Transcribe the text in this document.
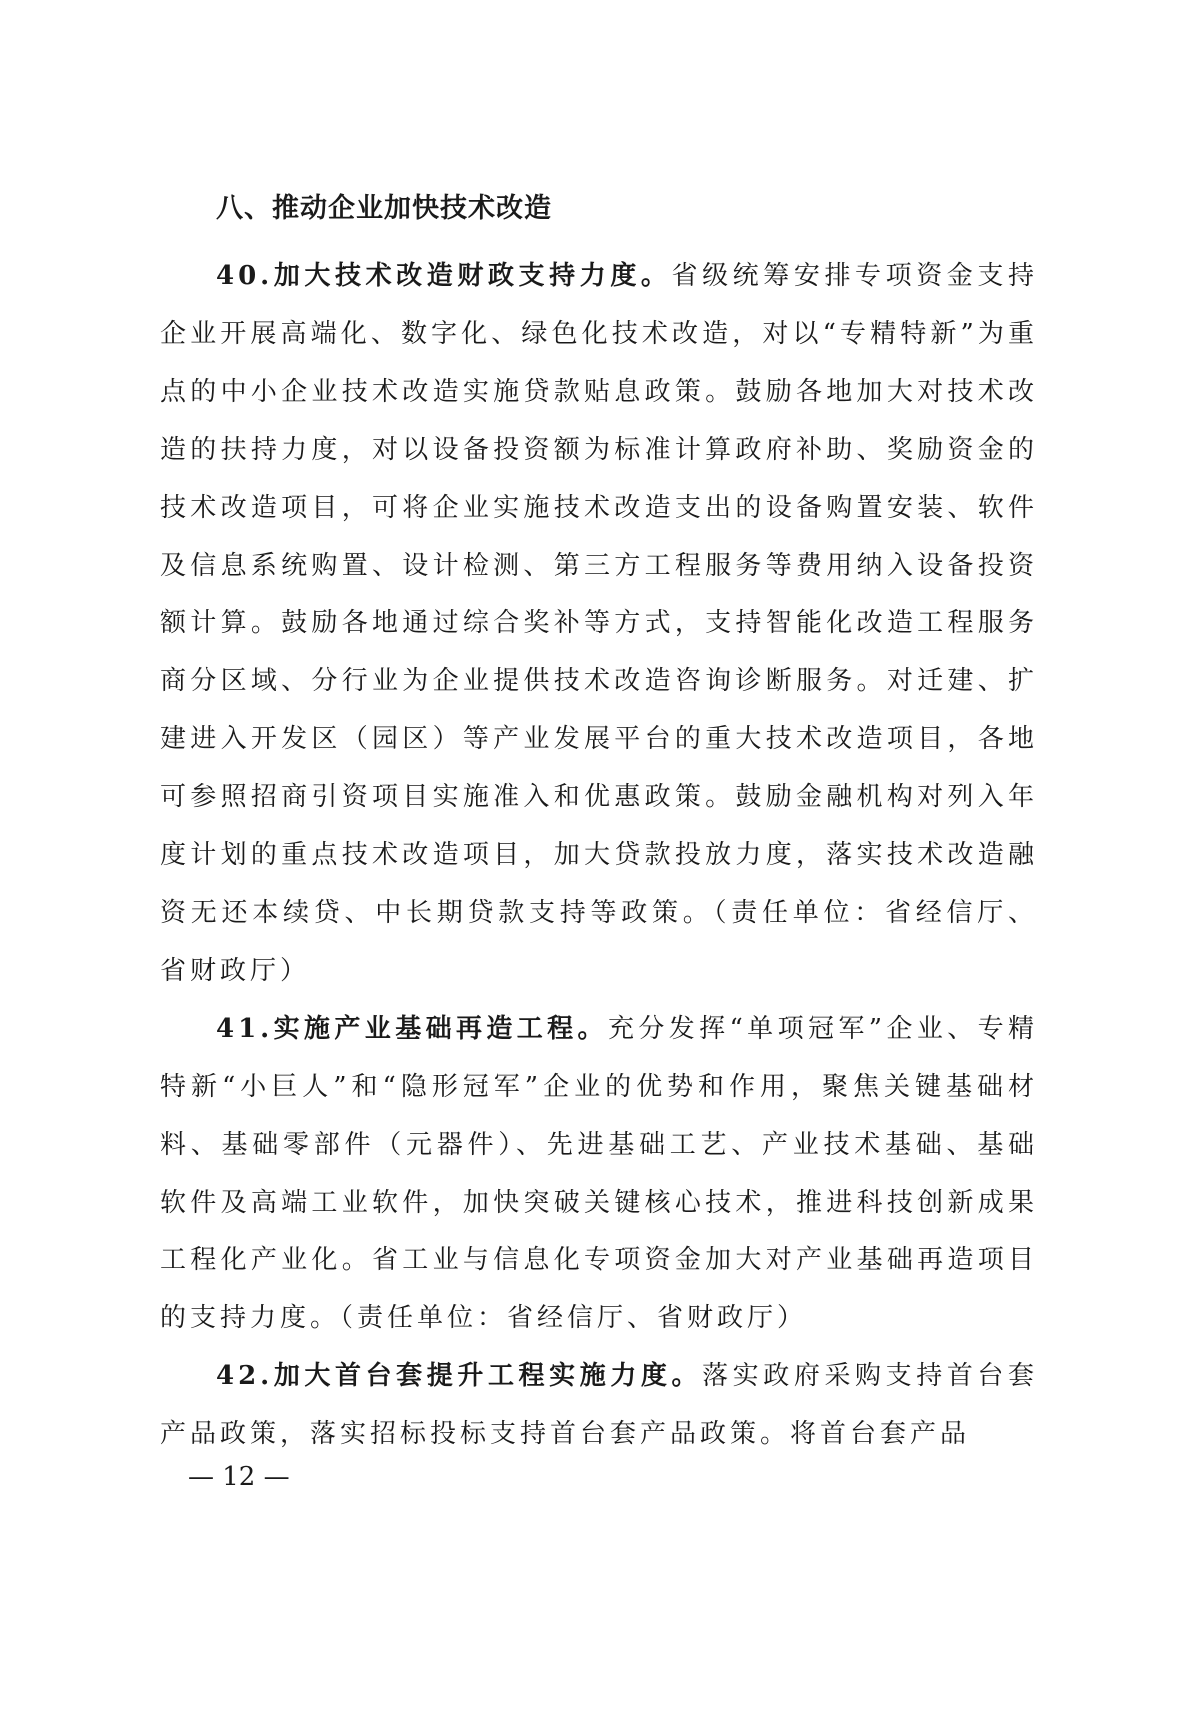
八、推动企业加快技术改造

40.加大技术改造财政支持力度。省级统筹安排专项资金支持企业开展高端化、数字化、绿色化技术改造，对以“专精特新”为重点的中小企业技术改造实施贷款贴息政策。鼓励各地加大对技术改造的扶持力度，对以设备投资额为标准计算政府补助、奖励资金的技术改造项目，可将企业实施技术改造支出的设备购置安装、软件及信息系统购置、设计检测、第三方工程服务等费用纳入设备投资额计算。鼓励各地通过综合奖补等方式，支持智能化改造工程服务商分区域、分行业为企业提供技术改造咨询诊断服务。对迁建、扩建进入开发区（园区）等产业发展平台的重大技术改造项目，各地可参照招商引资项目实施准入和优惠政策。鼓励金融机构对列入年度计划的重点技术改造项目，加大贷款投放力度，落实技术改造融资无还本续贷、中长期贷款支持等政策。（责任单位：省经信厅、省财政厅）

41.实施产业基础再造工程。充分发挥“单项冠军”企业、专精特新“小巨人”和“隐形冠军”企业的优势和作用，聚焦关键基础材料、基础零部件（元器件）、先进基础工艺、产业技术基础、基础软件及高端工业软件，加快突破关键核心技术，推进科技创新成果工程化产业化。省工业与信息化专项资金加大对产业基础再造项目的支持力度。（责任单位：省经信厅、省财政厅）

42.加大首台套提升工程实施力度。落实政府采购支持首台套产品政策，落实招标投标支持首台套产品政策。将首台套产品

— 12 —
